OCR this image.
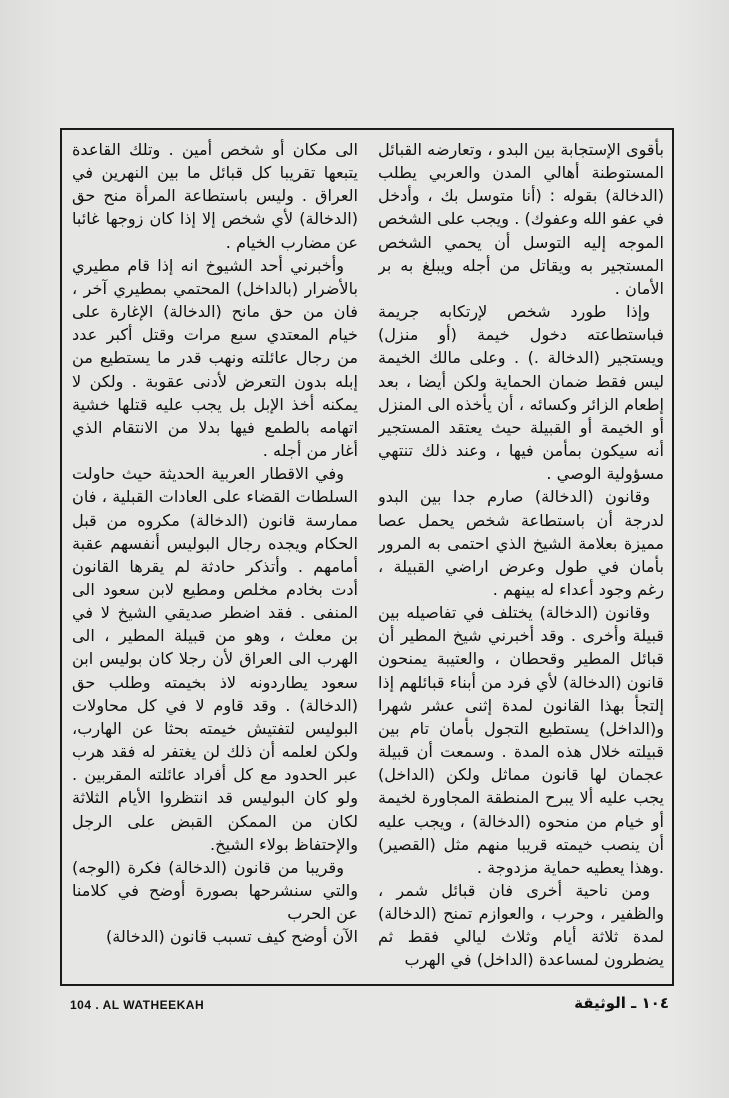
بأقوى الإستجابة بين البدو ، وتعارضه القبائل المستوطنة أهالي المدن والعربي يطلب (الدخالة) بقوله : (أنا متوسل بك ، وأدخل في عفو الله وعفوك) . ويجب على الشخص الموجه إليه التوسل أن يحمي الشخص المستجير به ويقاتل من أجله ويبلغ به بر الأمان .

وإذا طورد شخص لإرتكابه جريمة فباستطاعته دخول خيمة (أو منزل) ويستجير (الدخالة .) . وعلى مالك الخيمة ليس فقط ضمان الحماية ولكن أيضا ، بعد إطعام الزائر وكسائه ، أن يأخذه الى المنزل أو الخيمة أو القبيلة حيث يعتقد المستجير أنه سيكون بمأمن فيها ، وعند ذلك تنتهي مسؤولية الوصي .

وقانون (الدخالة) صارم جدا بين البدو لدرجة أن باستطاعة شخص يحمل عصا مميزة بعلامة الشيخ الذي احتمى به المرور بأمان في طول وعرض اراضي القبيلة ، رغم وجود أعداء له بينهم .

وقانون (الدخالة) يختلف في تفاصيله بين قبيلة وأخرى . وقد أخبرني شيخ المطير أن قبائل المطير وقحطان ، والعتيبة يمنحون قانون (الدخالة) لأي فرد من أبناء قبائلهم إذا إلتجأ بهذا القانون لمدة إثنى عشر شهرا و(الداخل) يستطيع التجول بأمان تام بين قبيلته خلال هذه المدة . وسمعت أن قبيلة عجمان لها قانون مماثل ولكن (الداخل) يجب عليه ألا يبرح المنطقة المجاورة لخيمة أو خيام من منحوه (الدخالة) ، ويجب عليه أن ينصب خيمته قريبا منهم مثل (القصير) .وهذا يعطيه حماية مزدوجة .

ومن ناحية أخرى فان قبائل شمر ، والظفير ، وحرب ، والعوازم تمنح (الدخالة) لمدة ثلاثة أيام وثلاث ليالي فقط ثم يضطرون لمساعدة (الداخل) في الهرب

الى مكان أو شخص أمين . وتلك القاعدة يتبعها تقريبا كل قبائل ما بين النهرين في العراق . وليس باستطاعة المرأة منح حق (الدخالة) لأي شخص إلا إذا كان زوجها غائبا عن مضارب الخيام .

وأخبرني أحد الشيوخ انه إذا قام مطيري بالأضرار (بالداخل) المحتمي بمطيري آخر ، فان من حق مانح (الدخالة) الإغارة على خيام المعتدي سبع مرات وقتل أكبر عدد من رجال عائلته ونهب قدر ما يستطيع من إبله بدون التعرض لأدنى عقوبة . ولكن لا يمكنه أخذ الإبل بل يجب عليه قتلها خشية اتهامه بالطمع فيها بدلا من الانتقام الذي أغار من أجله .

وفي الاقطار العربية الحديثة حيث حاولت السلطات القضاء على العادات القبلية ، فان ممارسة قانون (الدخالة) مكروه من قبل الحكام ويجده رجال البوليس أنفسهم عقبة أمامهم . وأتذكر حادثة لم يقرها القانون أدت بخادم مخلص ومطيع لابن سعود الى المنفى . فقد اضطر صديقي الشيخ لا في بن معلث ، وهو من قبيلة المطير ، الى الهرب الى العراق لأن رجلا كان بوليس ابن سعود يطاردونه لاذ بخيمته وطلب حق (الدخالة) . وقد قاوم لا في كل محاولات البوليس لتفتيش خيمته بحثا عن الهارب، ولكن لعلمه أن ذلك لن يغتفر له فقد هرب عبر الحدود مع كل أفراد عائلته المقربين . ولو كان البوليس قد انتظروا الأيام الثلاثة لكان من الممكن القبض على الرجل والإحتفاظ بولاء الشيخ.

وقريبا من قانون (الدخالة) فكرة (الوجه) والتي سنشرحها بصورة أوضح في كلامنا عن الحرب

الآن أوضح كيف تسبب قانون (الدخالة)

104 . AL WATHEEKAH	١٠٤ ـ الوثيقة
